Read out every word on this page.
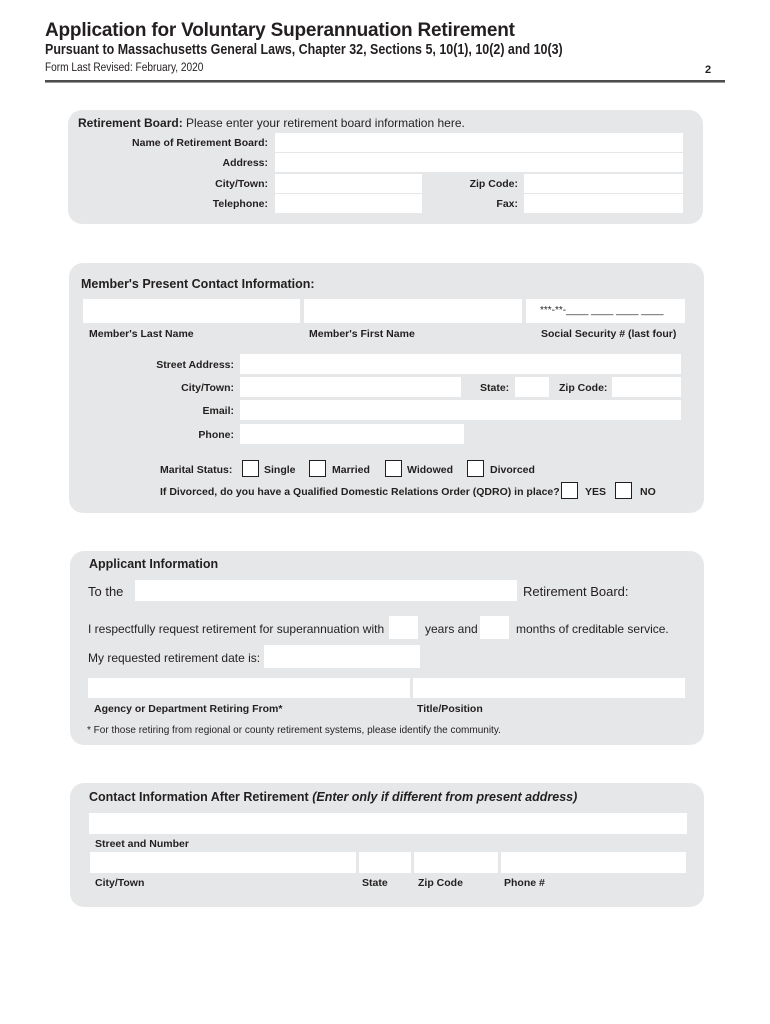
Application for Voluntary Superannuation Retirement
Pursuant to Massachusetts General Laws, Chapter 32, Sections 5, 10(1), 10(2) and 10(3)
Form Last Revised: February, 2020	2
Retirement Board: Please enter your retirement board information here.
Name of Retirement Board:
Address:
City/Town:	Zip Code:
Telephone:	Fax:
Member's Present Contact Information:
***-**-____ ____ ____ ____
Member's Last Name	Member's First Name	Social Security # (last four)
Street Address:
City/Town:	State:	Zip Code:
Email:
Phone:
Marital Status:	Single	Married	Widowed	Divorced
If Divorced, do you have a Qualified Domestic Relations Order (QDRO) in place? YES	NO
Applicant Information
To the	Retirement Board:
I respectfully request retirement for superannuation with	years and	months of creditable service.
My requested retirement date is:
Agency or Department Retiring From*	Title/Position
* For those retiring from regional or county retirement systems, please identify the community.
Contact Information After Retirement (Enter only if different from present address)
Street and Number
City/Town	State	Zip Code	Phone #
